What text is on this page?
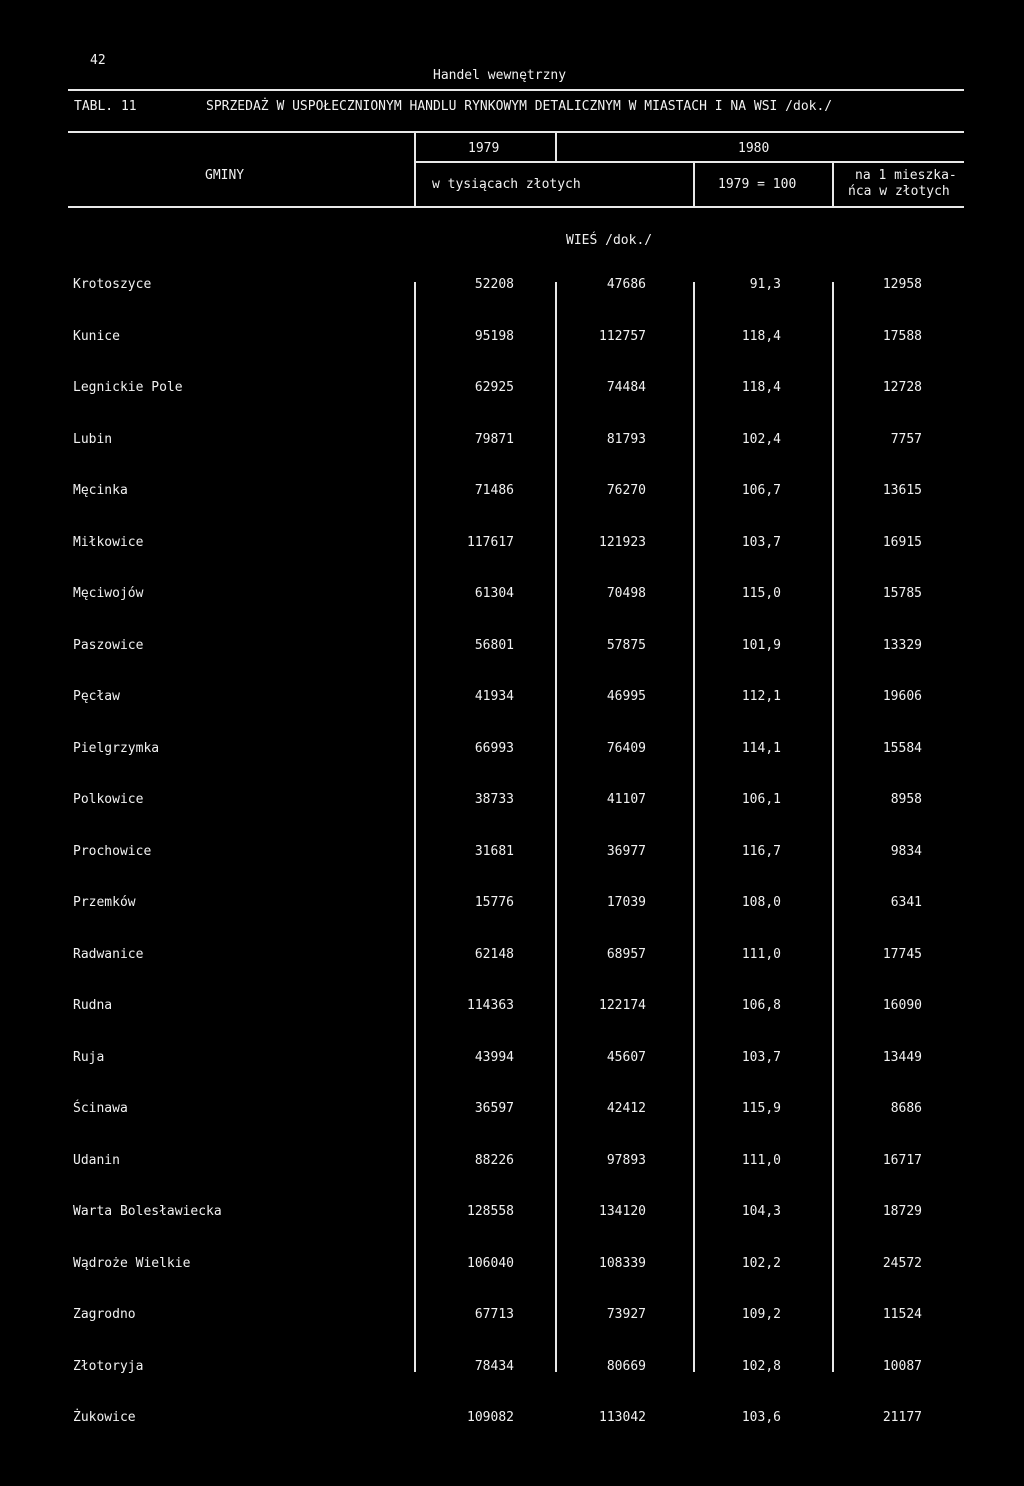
42
Handel wewnętrzny
TABL. 11	SPRZEDAŻ W USPOŁECZNIONYM HANDLU RYNKOWYM DETALICZNYM W MIASTACH I NA WSI /dok./
GMINY
1979	1980
w tysiącach złotych	1979 = 100
na 1 mieszka-
ńca w złotych
WIEŚ /dok./
Krotoszyce	52208	47686	91,3	12958
Kunice	95198	112757	118,4	17588
Legnickie Pole	62925	74484	118,4	12728
Lubin	79871	81793	102,4	7757
Męcinka	71486	76270	106,7	13615
Miłkowice	117617	121923	103,7	16915
Męciwojów	61304	70498	115,0	15785
Paszowice	56801	57875	101,9	13329
Pęcław	41934	46995	112,1	19606
Pielgrzymka	66993	76409	114,1	15584
Polkowice	38733	41107	106,1	8958
Prochowice	31681	36977	116,7	9834
Przemków	15776	17039	108,0	6341
Radwanice	62148	68957	111,0	17745
Rudna	114363	122174	106,8	16090
Ruja	43994	45607	103,7	13449
Ścinawa	36597	42412	115,9	8686
Udanin	88226	97893	111,0	16717
Warta Bolesławiecka	128558	134120	104,3	18729
Wądroże Wielkie	106040	108339	102,2	24572
Zagrodno	67713	73927	109,2	11524
Złotoryja	78434	80669	102,8	10087
Żukowice	109082	113042	103,6	21177
